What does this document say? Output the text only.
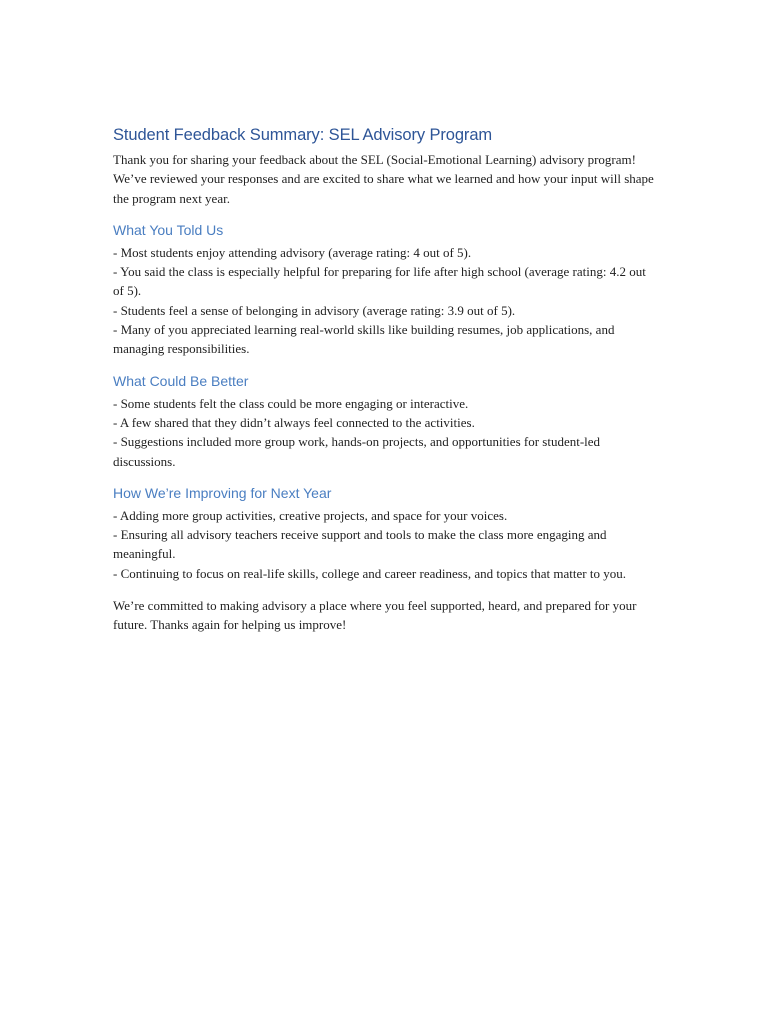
Student Feedback Summary: SEL Advisory Program

Thank you for sharing your feedback about the SEL (Social-Emotional Learning) advisory program! We’ve reviewed your responses and are excited to share what we learned and how your input will shape the program next year.

What You Told Us

- Most students enjoy attending advisory (average rating: 4 out of 5).

- You said the class is especially helpful for preparing for life after high school (average rating: 4.2 out of 5).

- Students feel a sense of belonging in advisory (average rating: 3.9 out of 5).

- Many of you appreciated learning real-world skills like building resumes, job applications, and managing responsibilities.

What Could Be Better

- Some students felt the class could be more engaging or interactive.

- A few shared that they didn’t always feel connected to the activities.

- Suggestions included more group work, hands-on projects, and opportunities for student-led discussions.

How We’re Improving for Next Year

- Adding more group activities, creative projects, and space for your voices.

- Ensuring all advisory teachers receive support and tools to make the class more engaging and meaningful.

- Continuing to focus on real-life skills, college and career readiness, and topics that matter to you.

We’re committed to making advisory a place where you feel supported, heard, and prepared for your future. Thanks again for helping us improve!
